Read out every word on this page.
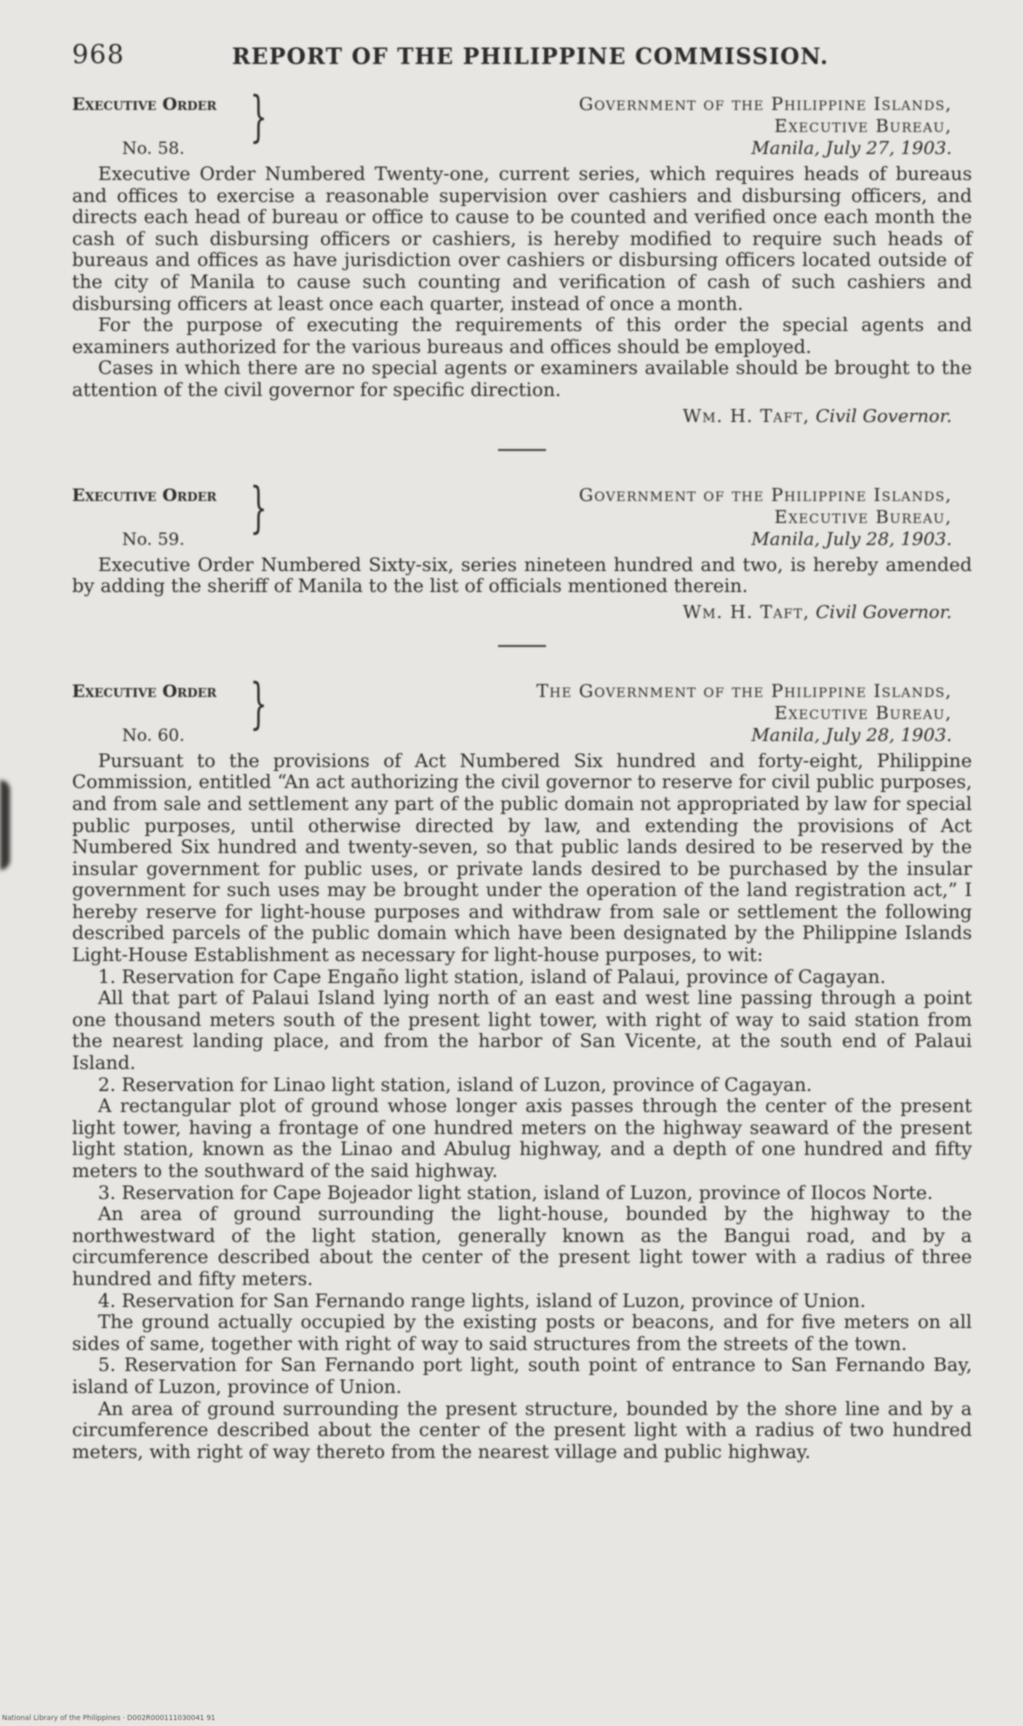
968	REPORT OF THE PHILIPPINE COMMISSION.
Executive Order
No. 58.
}	Government of the Philippine Islands,
Executive Bureau,
Manila, July 27, 1903.

Executive Order Numbered Twenty-one, current series, which requires heads of bureaus and offices to exercise a reasonable supervision over cashiers and disbursing officers, and directs each head of bureau or office to cause to be counted and verified once each month the cash of such disbursing officers or cashiers, is hereby modified to require such heads of bureaus and offices as have jurisdiction over cashiers or disbursing officers located outside of the city of Manila to cause such counting and verification of cash of such cashiers and disbursing officers at least once each quarter, instead of once a month.

For the purpose of executing the requirements of this order the special agents and examiners authorized for the various bureaus and offices should be employed.

Cases in which there are no special agents or examiners available should be brought to the attention of the civil governor for specific direction.

Wm. H. Taft, Civil Governor.
Executive Order
No. 59.
}	Government of the Philippine Islands,
Executive Bureau,
Manila, July 28, 1903.

Executive Order Numbered Sixty-six, series nineteen hundred and two, is hereby amended by adding the sheriff of Manila to the list of officials mentioned therein.

Wm. H. Taft, Civil Governor.
Executive Order
No. 60.
}	The Government of the Philippine Islands,
Executive Bureau,
Manila, July 28, 1903.

Pursuant to the provisions of Act Numbered Six hundred and forty-eight, Philippine Commission, entitled “An act authorizing the civil governor to reserve for civil public purposes, and from sale and settlement any part of the public domain not appropriated by law for special public purposes, until otherwise directed by law, and extending the provisions of Act Numbered Six hundred and twenty-seven, so that public lands desired to be reserved by the insular government for public uses, or private lands desired to be purchased by the insular government for such uses may be brought under the operation of the land registration act,” I hereby reserve for light-house purposes and withdraw from sale or settlement the following described parcels of the public domain which have been designated by the Philippine Islands Light-House Establishment as necessary for light-house purposes, to wit:

1. Reservation for Cape Engaño light station, island of Palaui, province of Cagayan.

All that part of Palaui Island lying north of an east and west line passing through a point one thousand meters south of the present light tower, with right of way to said station from the nearest landing place, and from the harbor of San Vicente, at the south end of Palaui Island.

2. Reservation for Linao light station, island of Luzon, province of Cagayan.

A rectangular plot of ground whose longer axis passes through the center of the present light tower, having a frontage of one hundred meters on the highway seaward of the present light station, known as the Linao and Abulug highway, and a depth of one hundred and fifty meters to the southward of the said highway.

3. Reservation for Cape Bojeador light station, island of Luzon, province of Ilocos Norte.

An area of ground surrounding the light-house, bounded by the highway to the northwestward of the light station, generally known as the Bangui road, and by a circumference described about the center of the present light tower with a radius of three hundred and fifty meters.

4. Reservation for San Fernando range lights, island of Luzon, province of Union.

The ground actually occupied by the existing posts or beacons, and for five meters on all sides of same, together with right of way to said structures from the streets of the town.

5. Reservation for San Fernando port light, south point of entrance to San Fernando Bay, island of Luzon, province of Union.

An area of ground surrounding the present structure, bounded by the shore line and by a circumference described about the center of the present light with a radius of two hundred meters, with right of way thereto from the nearest village and public highway.

National Library of the Philippines · D002R000111030041 91
